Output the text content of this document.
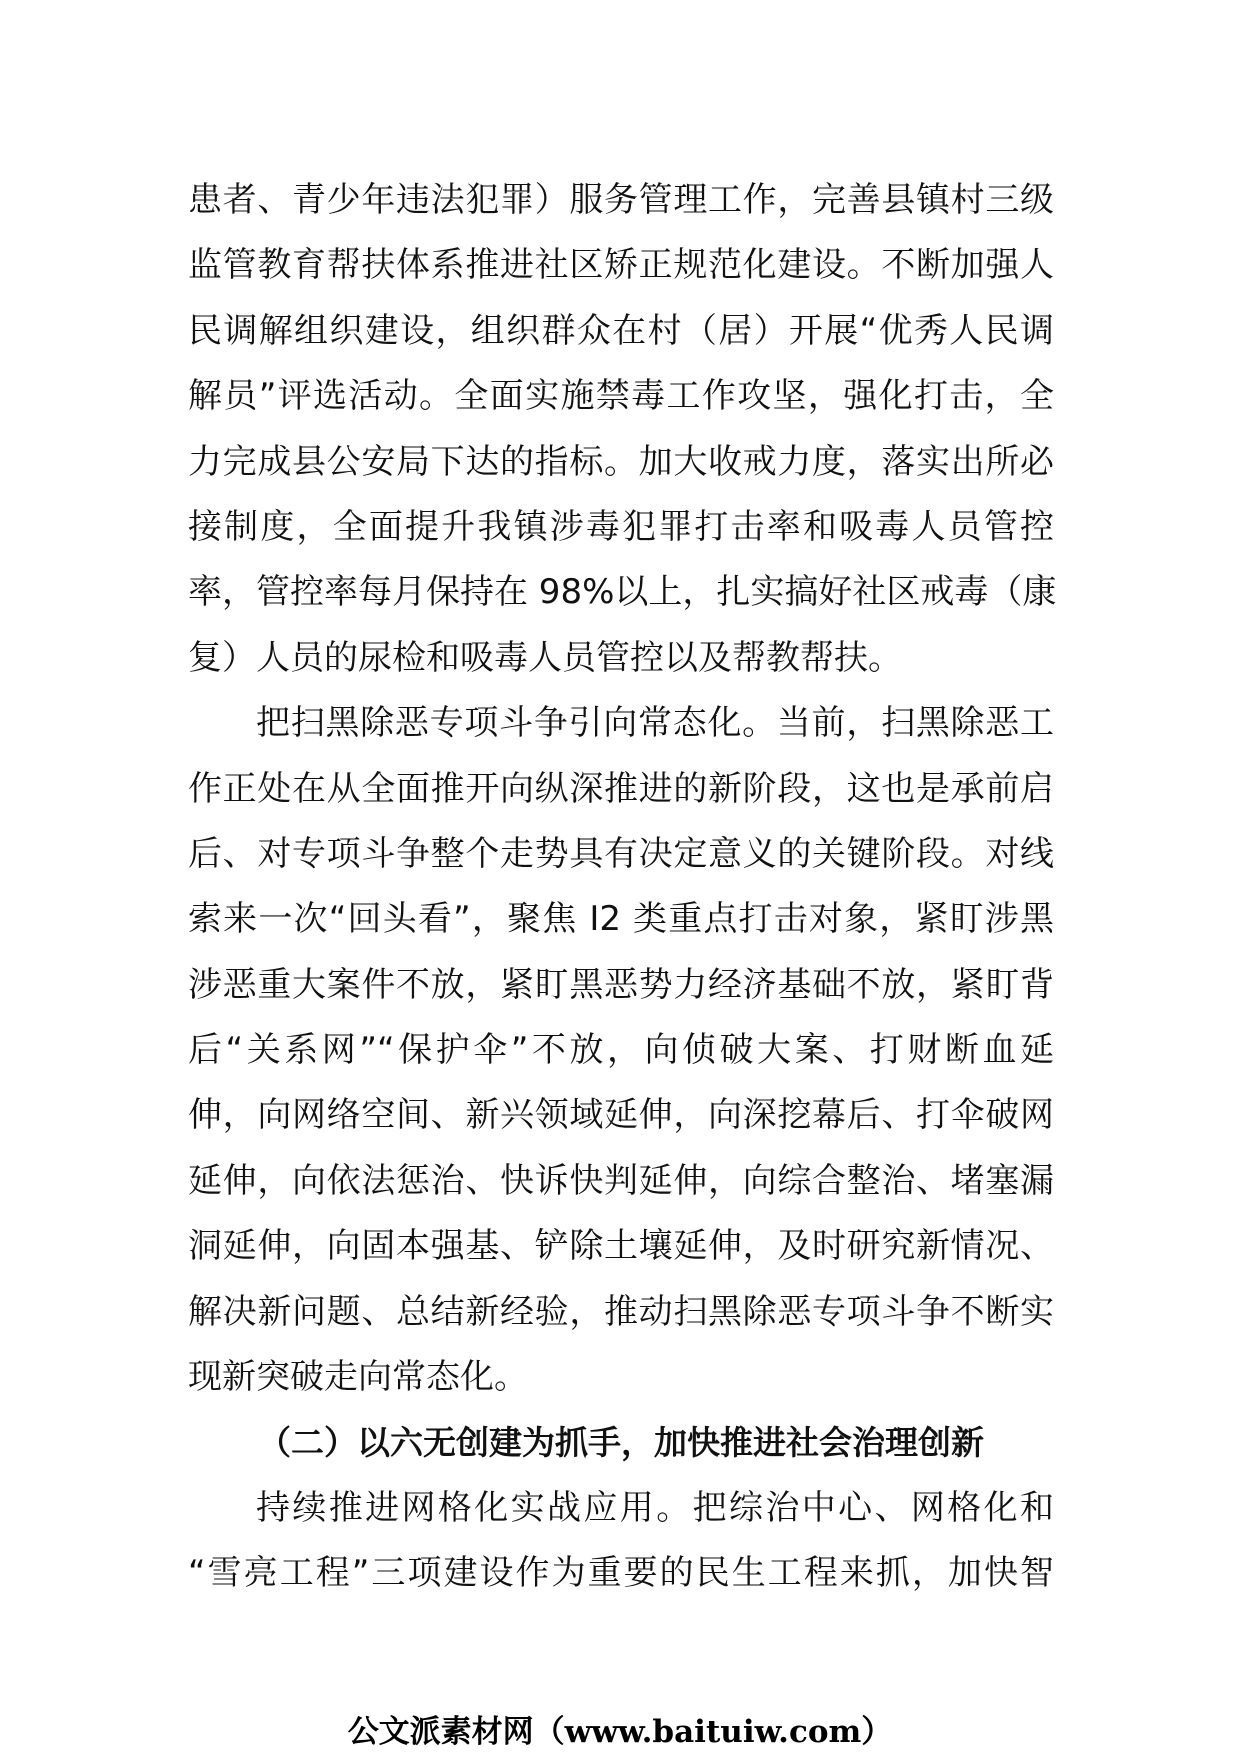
患者、青少年违法犯罪）服务管理工作，完善县镇村三级
监管教育帮扶体系推进社区矫正规范化建设。不断加强人
民调解组织建设，组织群众在村（居）开展“优秀人民调
解员”评选活动。全面实施禁毒工作攻坚，强化打击，全
力完成县公安局下达的指标。加大收戒力度，落实出所必
接制度，全面提升我镇涉毒犯罪打击率和吸毒人员管控
率，管控率每月保持在 98%以上，扎实搞好社区戒毒（康
复）人员的尿检和吸毒人员管控以及帮教帮扶。
把扫黑除恶专项斗争引向常态化。当前，扫黑除恶工
作正处在从全面推开向纵深推进的新阶段，这也是承前启
后、对专项斗争整个走势具有决定意义的关键阶段。对线
索来一次“回头看”，聚焦 I2 类重点打击对象，紧盯涉黑
涉恶重大案件不放，紧盯黑恶势力经济基础不放，紧盯背
后“关系网”“保护伞”不放，向侦破大案、打财断血延
伸，向网络空间、新兴领域延伸，向深挖幕后、打伞破网
延伸，向依法惩治、快诉快判延伸，向综合整治、堵塞漏
洞延伸，向固本强基、铲除土壤延伸，及时研究新情况、
解决新问题、总结新经验，推动扫黑除恶专项斗争不断实
现新突破走向常态化。
（二）以六无创建为抓手，加快推进社会治理创新
持续推进网格化实战应用。把综治中心、网格化和
“雪亮工程”三项建设作为重要的民生工程来抓，加快智
公文派素材网（www.baituiw.com）
